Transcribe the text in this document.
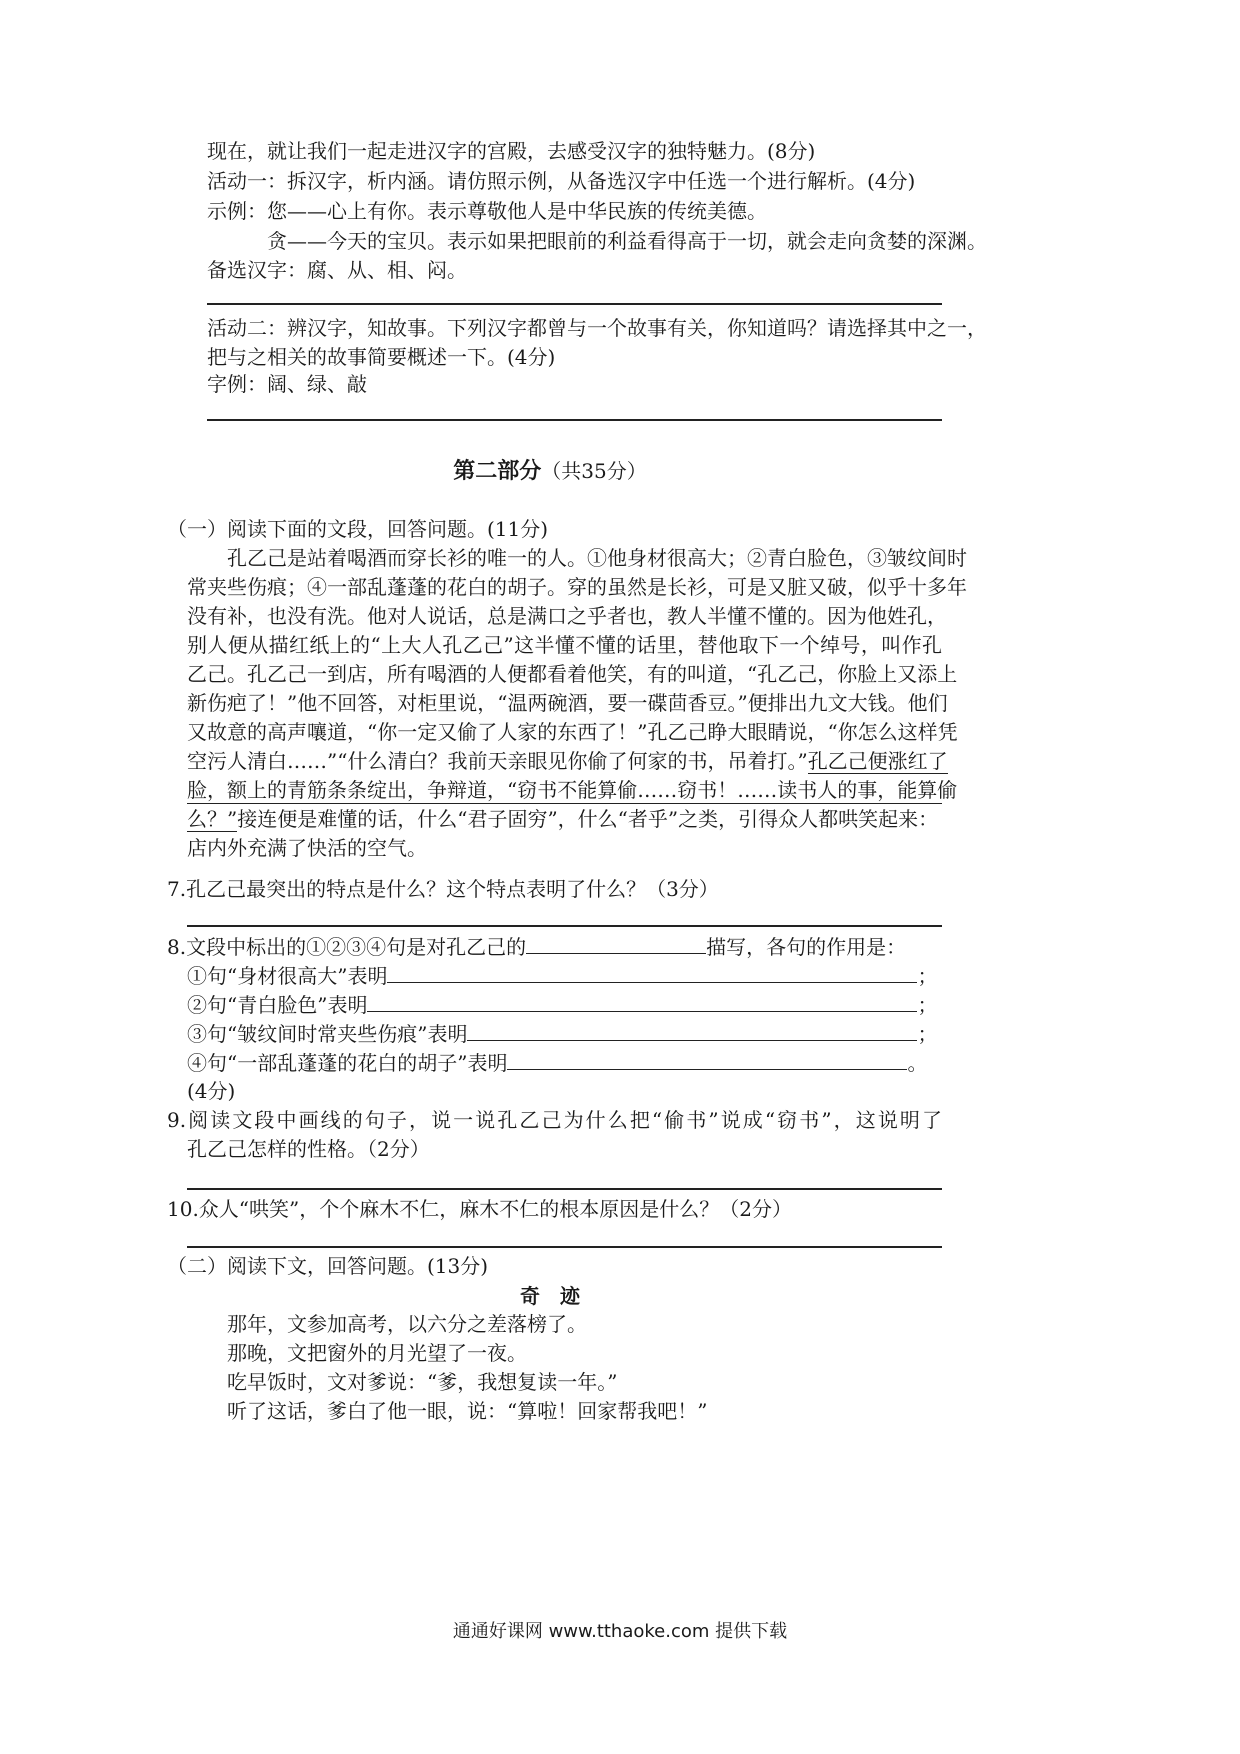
现在，就让我们一起走进汉字的宫殿，去感受汉字的独特魅力。(8分)
活动一：拆汉字，析内涵。请仿照示例，从备选汉字中任选一个进行解析。(4分)
示例：您——心上有你。表示尊敬他人是中华民族的传统美德。
贪——今天的宝贝。表示如果把眼前的利益看得高于一切，就会走向贪婪的深渊。
备选汉字：腐、从、相、闷。
活动二：辨汉字，知故事。下列汉字都曾与一个故事有关，你知道吗？请选择其中之一，
把与之相关的故事简要概述一下。(4分)
字例：阔、绿、敲
第二部分（共35分）
（一）阅读下面的文段，回答问题。(11分)
孔乙己是站着喝酒而穿长衫的唯一的人。①他身材很高大；②青白脸色，③皱纹间时
常夹些伤痕；④一部乱蓬蓬的花白的胡子。穿的虽然是长衫，可是又脏又破，似乎十多年
没有补，也没有洗。他对人说话，总是满口之乎者也，教人半懂不懂的。因为他姓孔，
别人便从描红纸上的“上大人孔乙己”这半懂不懂的话里，替他取下一个绰号，叫作孔
乙己。孔乙己一到店，所有喝酒的人便都看着他笑，有的叫道，“孔乙己，你脸上又添上
新伤疤了！”他不回答，对柜里说，“温两碗酒，要一碟茴香豆。”便排出九文大钱。他们
又故意的高声嚷道，“你一定又偷了人家的东西了！”孔乙己睁大眼睛说，“你怎么这样凭
空污人清白……”“什么清白？我前天亲眼见你偷了何家的书，吊着打。”孔乙己便涨红了
脸，额上的青筋条条绽出，争辩道，“窃书不能算偷……窃书！……读书人的事，能算偷
么？”接连便是难懂的话，什么“君子固穷”，什么“者乎”之类，引得众人都哄笑起来：
店内外充满了快活的空气。
7.孔乙己最突出的特点是什么？这个特点表明了什么？（3分）
8.文段中标出的①②③④句是对孔乙己的	描写，各句的作用是：
①句“身材很高大”表明	；
②句“青白脸色”表明	；
③句“皱纹间时常夹些伤痕”表明	；
④句“一部乱蓬蓬的花白的胡子”表明	。
(4分)
9.阅读文段中画线的句子，说一说孔乙己为什么把“偷书”说成“窃书”，这说明了
孔乙己怎样的性格。（2分）
10.众人“哄笑”，个个麻木不仁，麻木不仁的根本原因是什么？（2分）
（二）阅读下文，回答问题。(13分)
奇　迹
那年，文参加高考，以六分之差落榜了。
那晚，文把窗外的月光望了一夜。
吃早饭时，文对爹说：“爹，我想复读一年。”
听了这话，爹白了他一眼，说：“算啦！回家帮我吧！”
通通好课网 www.tthaoke.com 提供下载
